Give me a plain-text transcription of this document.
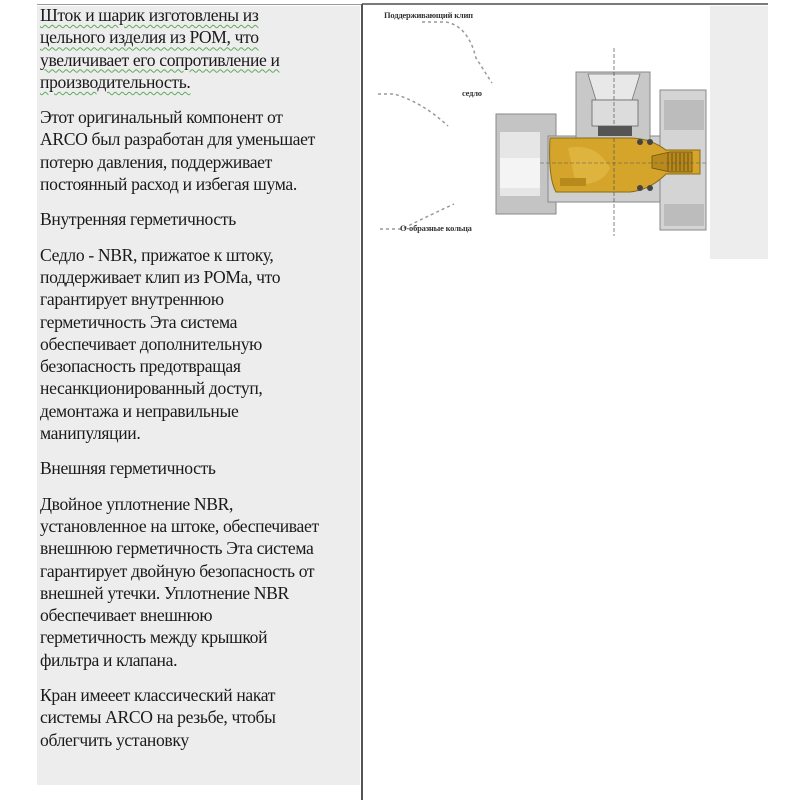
Шток и шарик изготовлены из
цельного изделия из POM, что
увеличивает его сопротивление и
производительность.

Этот оригинальный компонент от
ARCO был разработан для уменьшает
потерю давления, поддерживает
постоянный расход и избегая шума.

Внутренняя герметичность

Седло - NBR, прижатое к штоку,
поддерживает клип из POMа, что
гарантирует внутреннюю
герметичность Эта система
обеспечивает дополнительную
безопасность предотвращая
несанкционированный доступ,
демонтажа и неправильные
манипуляции.

Внешняя герметичность

Двойное уплотнение NBR,
установленное на штоке, обеспечивает
внешнюю герметичность Эта система
гарантирует двойную безопасность от
внешней утечки. Уплотнение NBR
обеспечивает внешнюю
герметичность между крышкой
фильтра и клапана.

Кран имееет классический накат
системы ARCO на резьбе, чтобы
облегчить установку

Поддерживающий клип
седло
О-образные кольца
